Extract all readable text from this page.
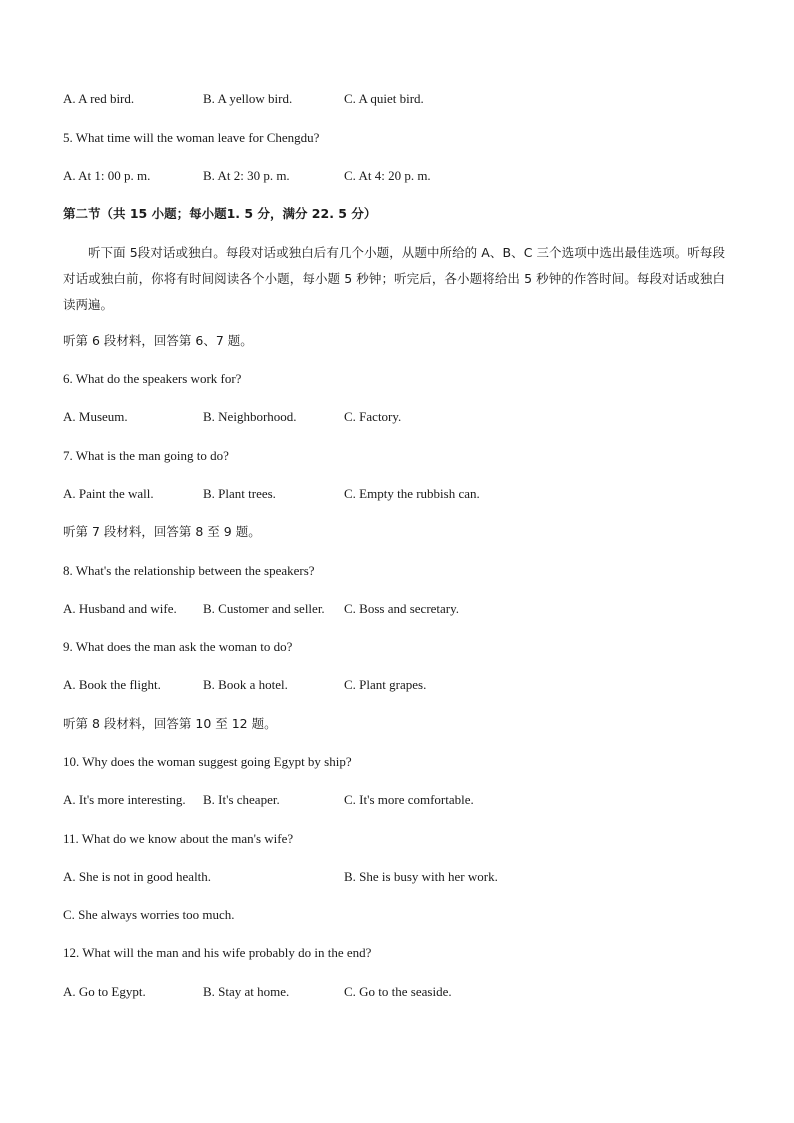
A. A red bird.	B. A yellow bird.	C. A quiet bird.
5. What time will the woman leave for Chengdu?
A. At 1: 00 p. m.	B. At 2: 30 p. m.	C. At 4: 20 p. m.
第二节（共 15 小题；每小题1. 5 分，满分 22. 5 分）
听下面 5段对话或独白。每段对话或独白后有几个小题，从题中所给的 A、B、C 三个选项中选出最佳选项。听每段对话或独白前，你将有时间阅读各个小题，每小题 5 秒钟；听完后，各小题将给出 5 秒钟的作答时间。每段对话或独白读两遍。
听第 6 段材料，回答第 6、7 题。
6. What do the speakers work for?
A. Museum.	B. Neighborhood.	C. Factory.
7. What is the man going to do?
A. Paint the wall.	B. Plant trees.	C. Empty the rubbish can.
听第 7 段材料，回答第 8 至 9 题。
8. What's the relationship between the speakers?
A. Husband and wife. B. Customer and seller. C. Boss and secretary.
9. What does the man ask the woman to do?
A. Book the flight.	B. Book a hotel.	C. Plant grapes.
听第 8 段材料，回答第 10 至 12 题。
10. Why does the woman suggest going Egypt by ship?
A. It's more interesting. B. It's cheaper.	C. It's more comfortable.
11. What do we know about the man's wife?
A. She is not in good health.	B. She is busy with her work.
C. She always worries too much.
12. What will the man and his wife probably do in the end?
A. Go to Egypt.	B. Stay at home.	C. Go to the seaside.
